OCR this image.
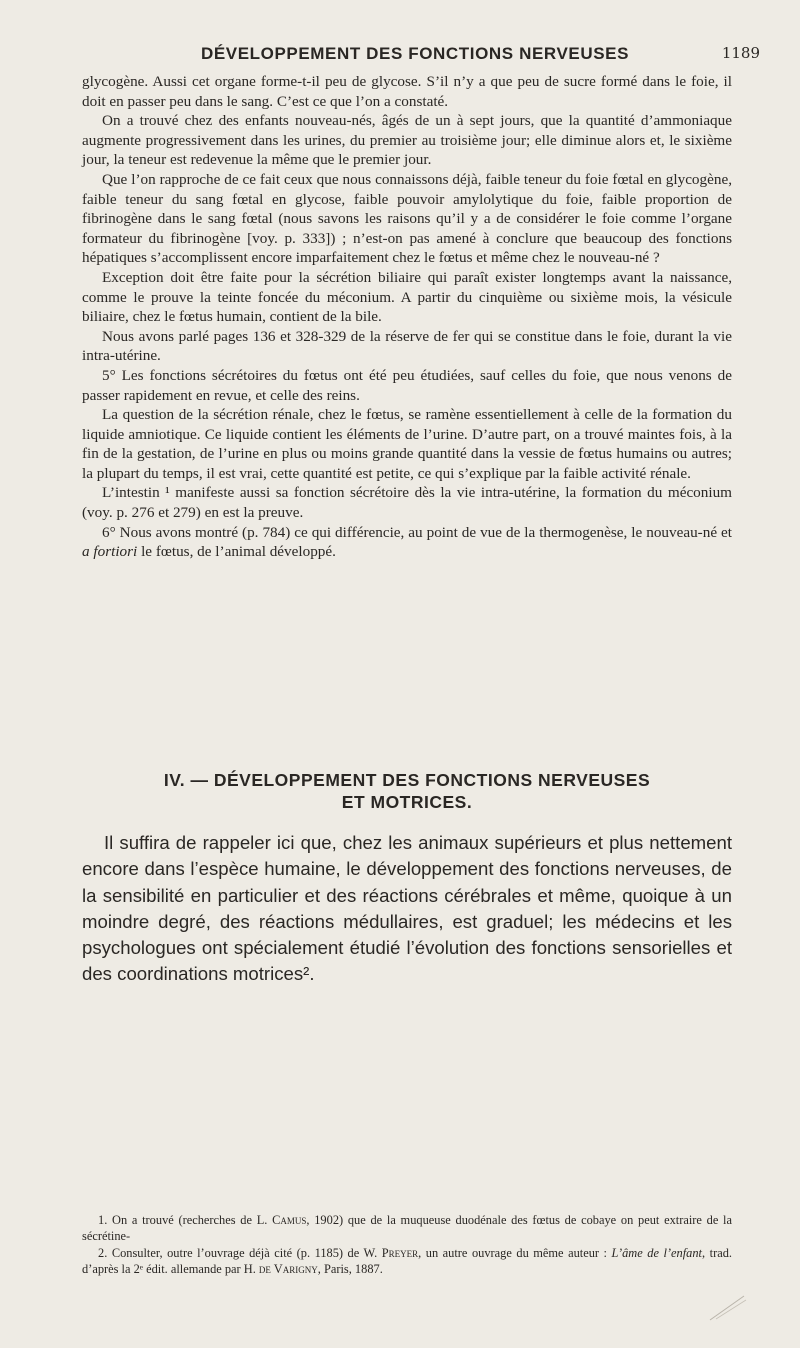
DÉVELOPPEMENT DES FONCTIONS NERVEUSES	1189

glycogène. Aussi cet organe forme-t-il peu de glycose. S’il n’y a que peu de sucre formé dans le foie, il doit en passer peu dans le sang. C’est ce que l’on a constaté.

On a trouvé chez des enfants nouveau-nés, âgés de un à sept jours, que la quantité d’ammoniaque augmente progressivement dans les urines, du premier au troisième jour; elle diminue alors et, le sixième jour, la teneur est redevenue la même que le premier jour.

Que l’on rapproche de ce fait ceux que nous connaissons déjà, faible teneur du foie fœtal en glycogène, faible teneur du sang fœtal en glycose, faible pouvoir amylolytique du foie, faible proportion de fibrinogène dans le sang fœtal (nous savons les raisons qu’il y a de considérer le foie comme l’organe formateur du fibrinogène [voy. p. 333]) ; n’est-on pas amené à conclure que beaucoup des fonctions hépatiques s’accomplissent encore imparfaitement chez le fœtus et même chez le nouveau-né ?

Exception doit être faite pour la sécrétion biliaire qui paraît exister longtemps avant la naissance, comme le prouve la teinte foncée du méconium. A partir du cinquième ou sixième mois, la vésicule biliaire, chez le fœtus humain, contient de la bile.

Nous avons parlé pages 136 et 328-329 de la réserve de fer qui se constitue dans le foie, durant la vie intra-utérine.

5° Les fonctions sécrétoires du fœtus ont été peu étudiées, sauf celles du foie, que nous venons de passer rapidement en revue, et celle des reins.

La question de la sécrétion rénale, chez le fœtus, se ramène essentiellement à celle de la formation du liquide amniotique. Ce liquide contient les éléments de l’urine. D’autre part, on a trouvé maintes fois, à la fin de la gestation, de l’urine en plus ou moins grande quantité dans la vessie de fœtus humains ou autres; la plupart du temps, il est vrai, cette quantité est petite, ce qui s’explique par la faible activité rénale.

L’intestin ¹ manifeste aussi sa fonction sécrétoire dès la vie intra-utérine, la formation du méconium (voy. p. 276 et 279) en est la preuve.

6° Nous avons montré (p. 784) ce qui différencie, au point de vue de la thermogenèse, le nouveau-né et a fortiori le fœtus, de l’animal développé.

IV. — DÉVELOPPEMENT DES FONCTIONS NERVEUSES
ET MOTRICES.

Il suffira de rappeler ici que, chez les animaux supérieurs et plus nettement encore dans l’espèce humaine, le développement des fonctions nerveuses, de la sensibilité en particulier et des réactions cérébrales et même, quoique à un moindre degré, des réactions médullaires, est graduel; les médecins et les psychologues ont spécialement étudié l’évolution des fonctions sensorielles et des coordinations motrices².

1. On a trouvé (recherches de L. Camus, 1902) que de la muqueuse duodénale des fœtus de cobaye on peut extraire de la sécrétine-

2. Consulter, outre l’ouvrage déjà cité (p. 1185) de W. Preyer, un autre ouvrage du même auteur : L’âme de l’enfant, trad. d’après la 2ᵉ édit. allemande par H. de Varigny, Paris, 1887.
